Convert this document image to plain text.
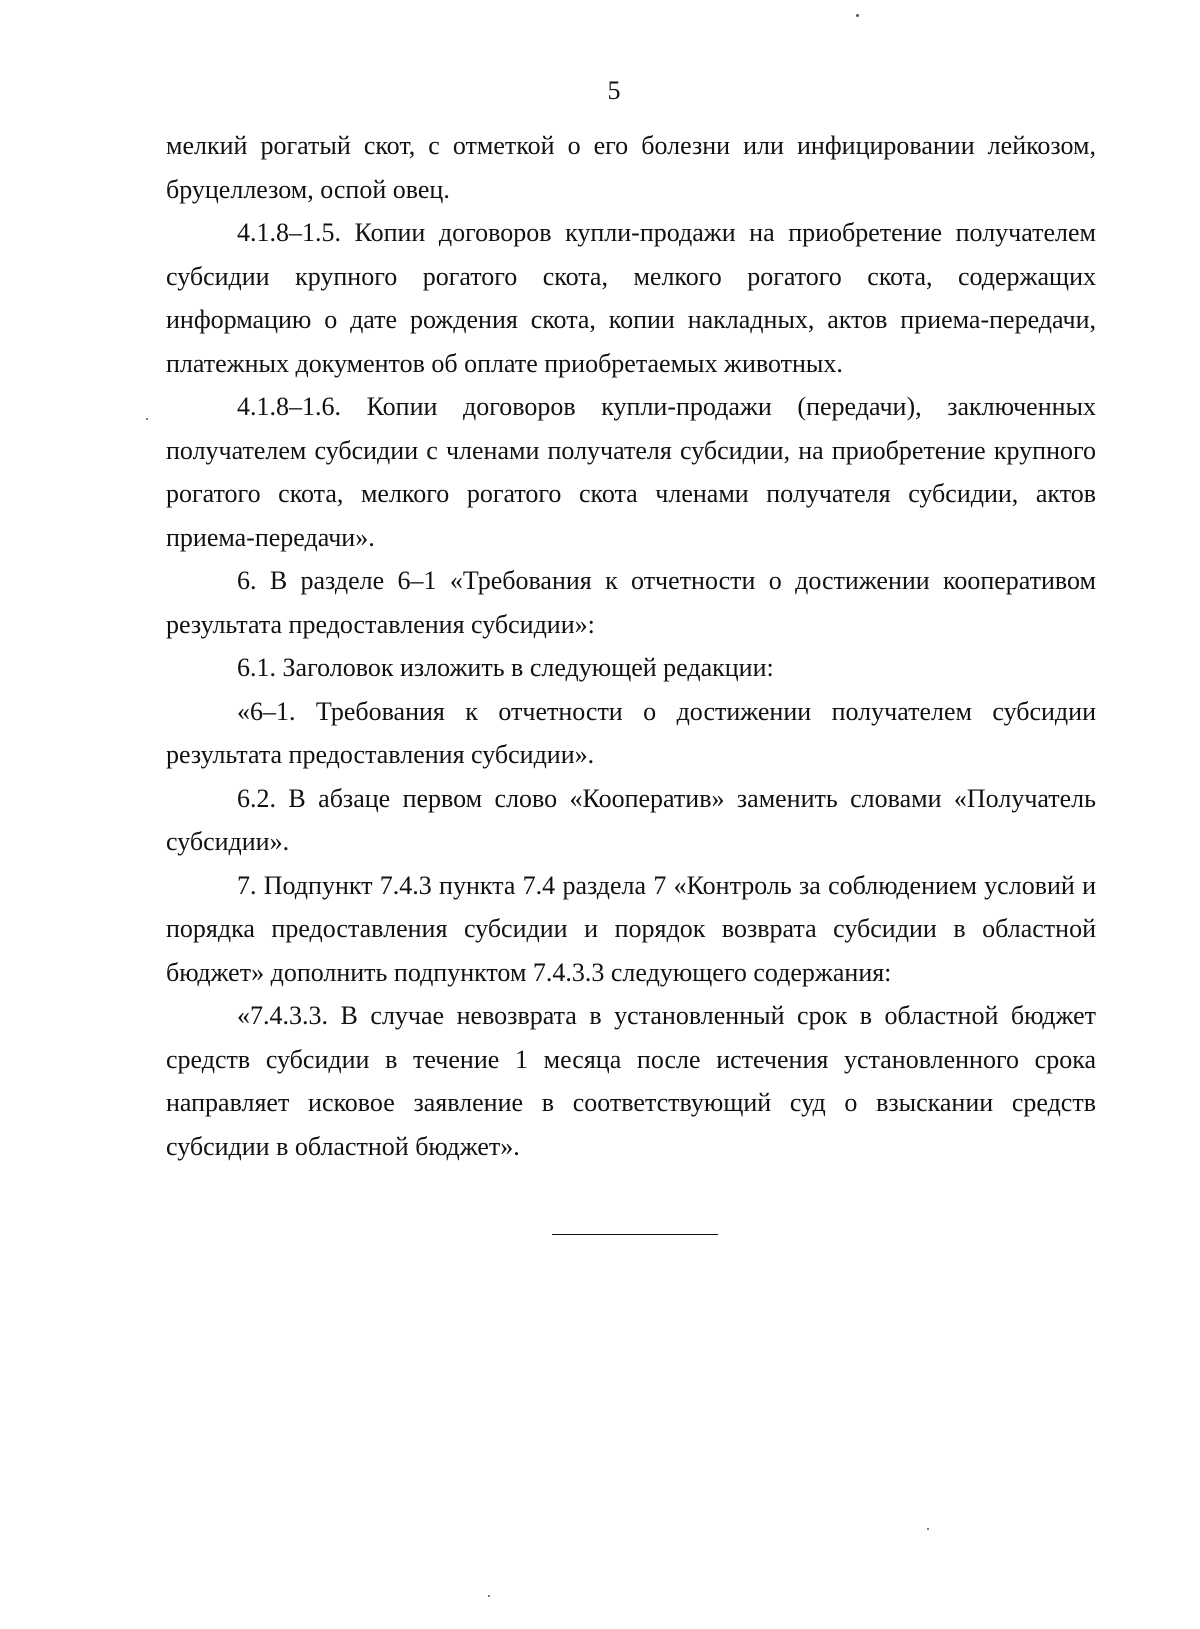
5

мелкий рогатый скот, с отметкой о его болезни или инфицировании лейкозом, бруцеллезом, оспой овец.

4.1.8–1.5. Копии договоров купли-продажи на приобретение получателем субсидии крупного рогатого скота, мелкого рогатого скота, содержащих информацию о дате рождения скота, копии накладных, актов приема-передачи, платежных документов об оплате приобретаемых животных.

4.1.8–1.6. Копии договоров купли-продажи (передачи), заключенных получателем субсидии с членами получателя субсидии, на приобретение крупного рогатого скота, мелкого рогатого скота членами получателя субсидии, актов приема-передачи».

6. В разделе 6–1 «Требования к отчетности о достижении кооперативом результата предоставления субсидии»:

6.1. Заголовок изложить в следующей редакции:

«6–1. Требования к отчетности о достижении получателем субсидии результата предоставления субсидии».

6.2. В абзаце первом слово «Кооператив» заменить словами «Получатель субсидии».

7. Подпункт 7.4.3 пункта 7.4 раздела 7 «Контроль за соблюдением условий и порядка предоставления субсидии и порядок возврата субсидии в областной бюджет» дополнить подпунктом 7.4.3.3 следующего содержания:

«7.4.3.3. В случае невозврата в установленный срок в областной бюджет средств субсидии в течение 1 месяца после истечения установленного срока направляет исковое заявление в соответствующий суд о взыскании средств субсидии в областной бюджет».
